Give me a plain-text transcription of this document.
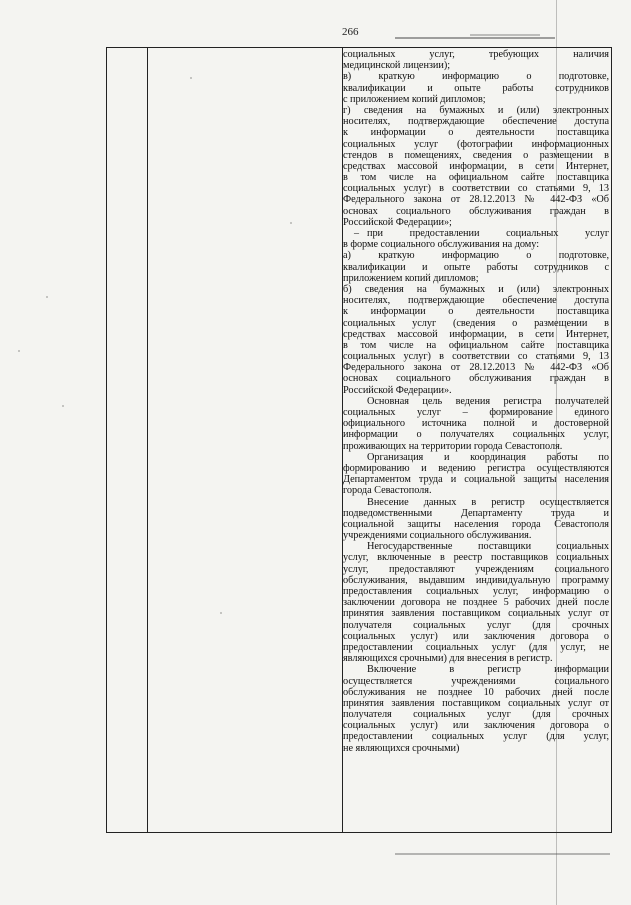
266
–
социальных услуг, требующих наличия
медицинской лицензии);
в) краткую информацию о подготовке,
квалификации и опыте работы сотрудников
с приложением копий дипломов;
г) сведения на бумажных и (или) электронных
носителях, подтверждающие обеспечение доступа
к информации о деятельности поставщика
социальных услуг (фотографии информационных
стендов в помещениях, сведения о размещении в
средствах массовой информации, в сети Интернет,
в том числе на официальном сайте поставщика
социальных услуг) в соответствии со статьями 9, 13
Федерального закона от 28.12.2013 № 442-ФЗ «Об
основах социального обслуживания граждан в
Российской Федерации»;
при предоставлении социальных услуг
в форме социального обслуживания на дому:
а) краткую информацию о подготовке,
квалификации и опыте работы сотрудников с
приложением копий дипломов;
б) сведения на бумажных и (или) электронных
носителях, подтверждающие обеспечение доступа
к информации о деятельности поставщика
социальных услуг (сведения о размещении в
средствах массовой информации, в сети Интернет,
в том числе на официальном сайте поставщика
социальных услуг) в соответствии со статьями 9, 13
Федерального закона от 28.12.2013 № 442-ФЗ «Об
основах социального обслуживания граждан в
Российской Федерации».
Основная цель ведения регистра получателей
социальных услуг – формирование единого
официального источника полной и достоверной
информации о получателях социальных услуг,
проживающих на территории города Севастополя.
Организация и координация работы по
формированию и ведению регистра осуществляются
Департаментом труда и социальной защиты населения
города Севастополя.
Внесение данных в регистр осуществляется
подведомственными Департаменту труда и
социальной защиты населения города Севастополя
учреждениями социального обслуживания.
Негосударственные поставщики социальных
услуг, включенные в реестр поставщиков социальных
услуг, предоставляют учреждениям социального
обслуживания, выдавшим индивидуальную программу
предоставления социальных услуг, информацию о
заключении договора не позднее 5 рабочих дней после
принятия заявления поставщиком социальных услуг от
получателя социальных услуг (для срочных
социальных услуг) или заключения договора о
предоставлении социальных услуг (для услуг, не
являющихся срочными) для внесения в регистр.
Включение в регистр информации
осуществляется учреждениями социального
обслуживания не позднее 10 рабочих дней после
принятия заявления поставщиком социальных услуг от
получателя социальных услуг (для срочных
социальных услуг) или заключения договора о
предоставлении социальных услуг (для услуг,
не являющихся срочными)
